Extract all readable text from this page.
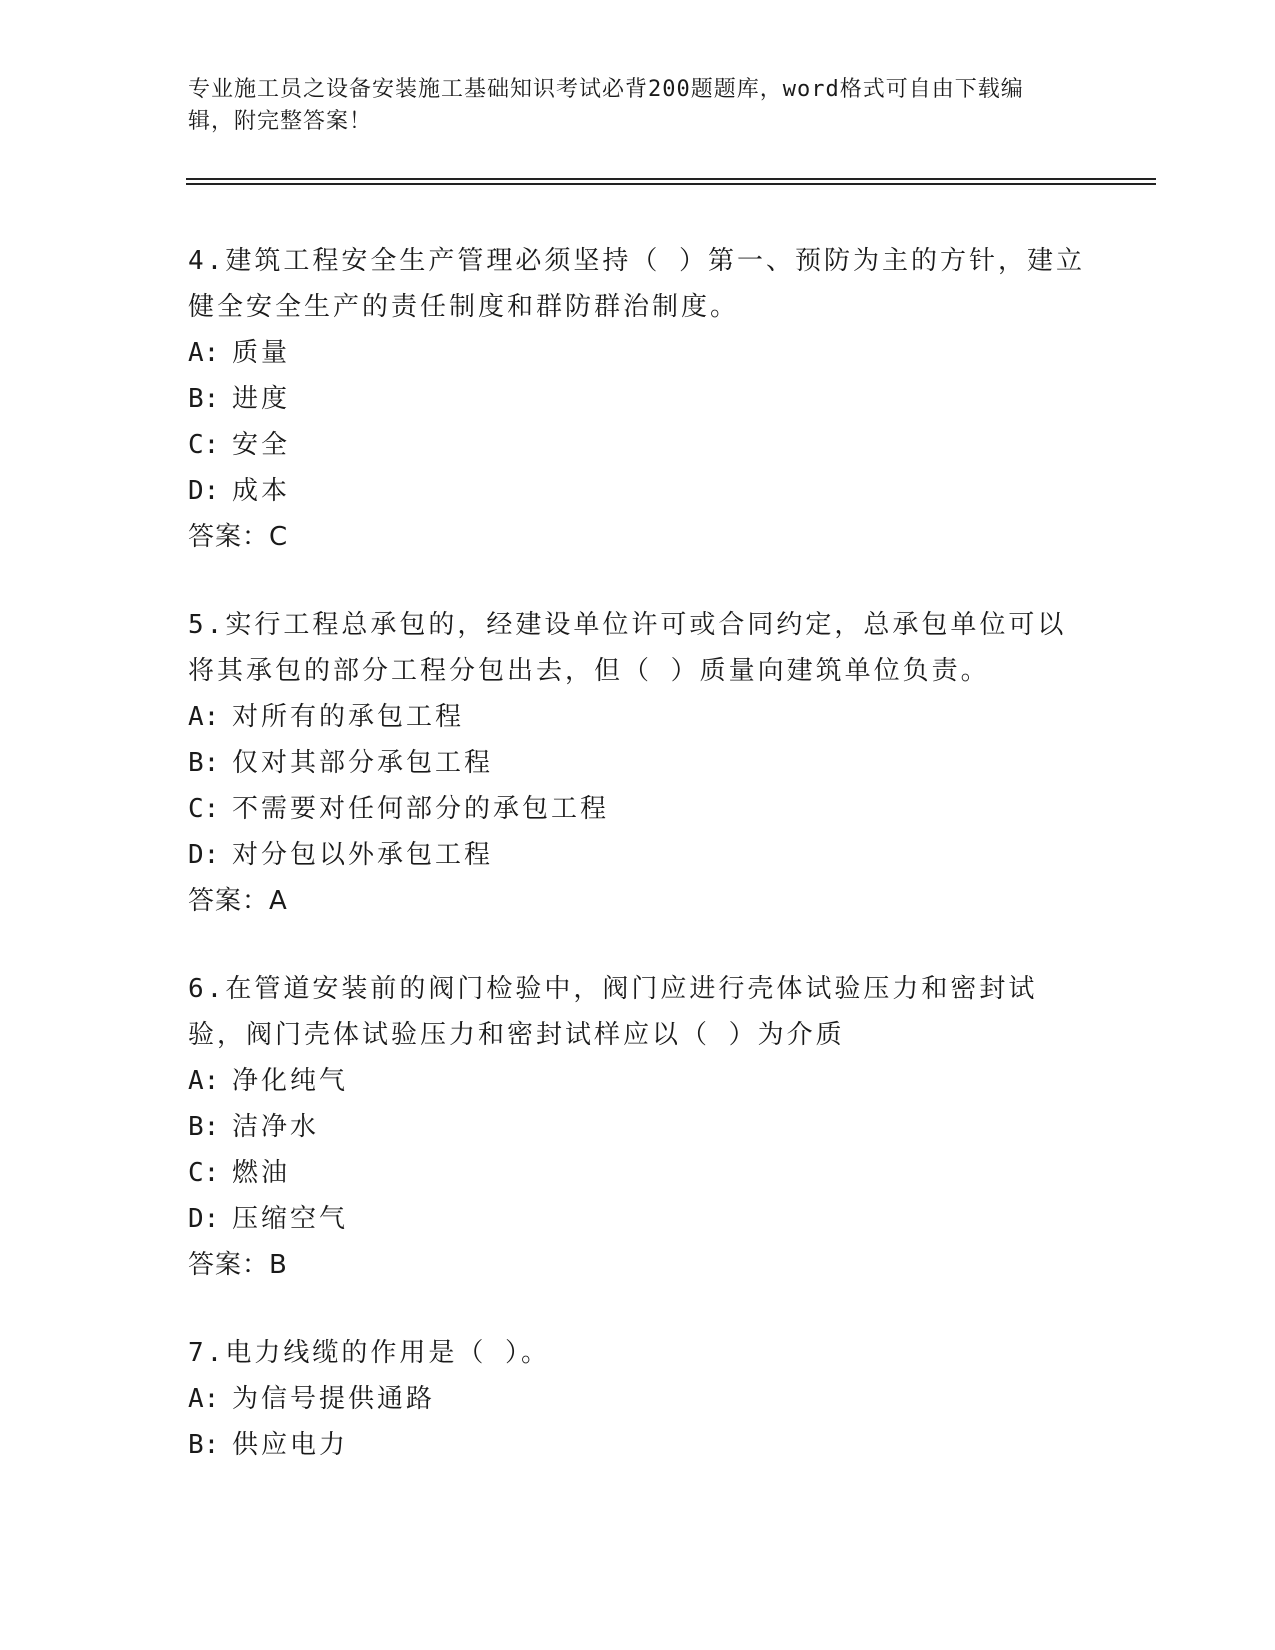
专业施工员之设备安装施工基础知识考试必背200题题库，word格式可自由下载编辑，附完整答案！

4.建筑工程安全生产管理必须坚持（ ）第一、预防为主的方针，建立健全安全生产的责任制度和群防群治制度。

A: 质量

B: 进度

C: 安全

D: 成本

答案：C

5.实行工程总承包的，经建设单位许可或合同约定，总承包单位可以将其承包的部分工程分包出去，但（ ）质量向建筑单位负责。

A: 对所有的承包工程

B: 仅对其部分承包工程

C: 不需要对任何部分的承包工程

D: 对分包以外承包工程

答案：A

6.在管道安装前的阀门检验中，阀门应进行壳体试验压力和密封试验，阀门壳体试验压力和密封试样应以（ ）为介质

A: 净化纯气

B: 洁净水

C: 燃油

D: 压缩空气

答案：B

7.电力线缆的作用是（ ）。

A: 为信号提供通路

B: 供应电力
